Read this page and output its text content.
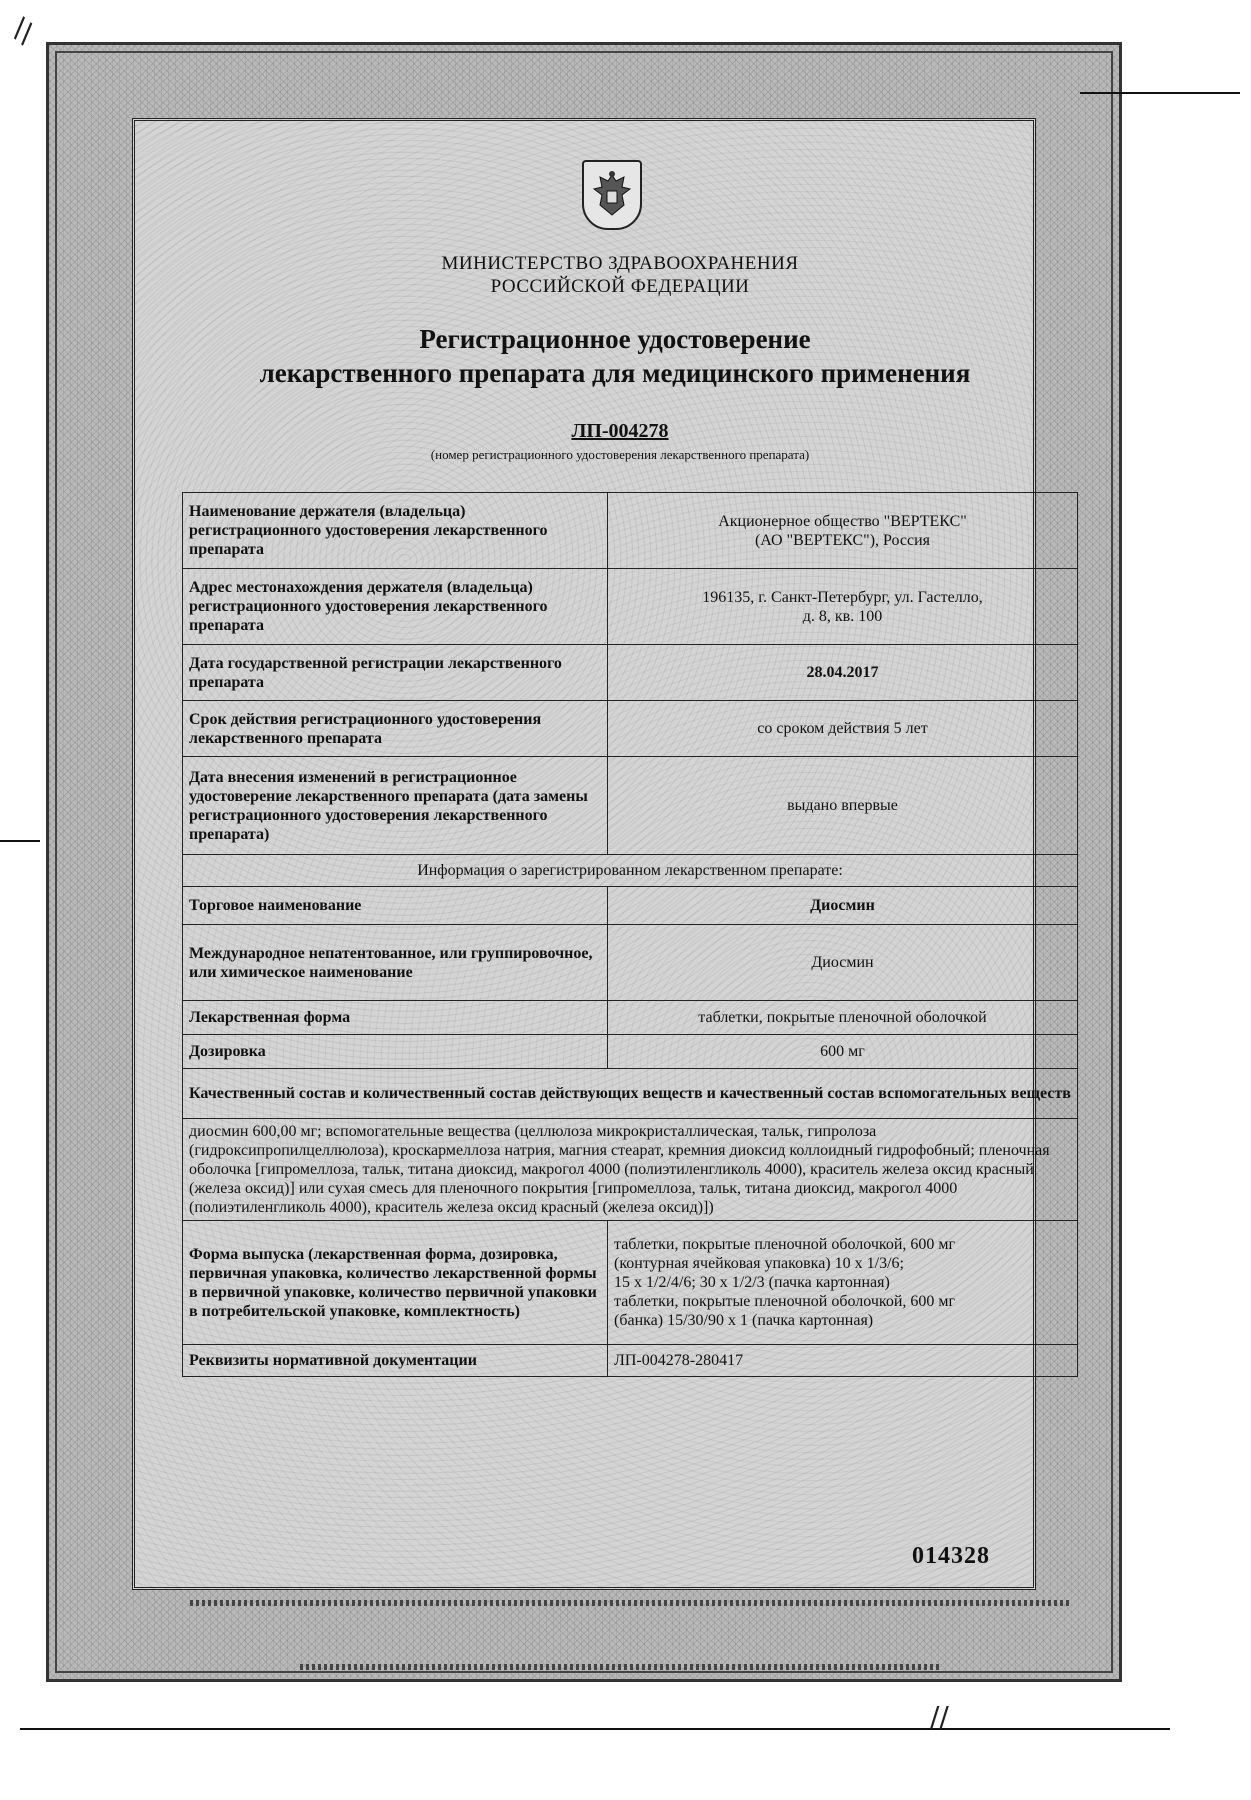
МИНИСТЕРСТВО ЗДРАВООХРАНЕНИЯ
РОССИЙСКОЙ ФЕДЕРАЦИИ
Регистрационное удостоверение
лекарственного препарата для медицинского применения
ЛП-004278
(номер регистрационного удостоверения лекарственного препарата)
Наименование держателя (владельца) регистрационного удостоверения лекарственного препарата	Акционерное общество "ВЕРТЕКС"
(АО "ВЕРТЕКС"), Россия

Адрес местонахождения держателя (владельца) регистрационного удостоверения лекарственного препарата	196135, г. Санкт-Петербург, ул. Гастелло,
д. 8, кв. 100

Дата государственной регистрации лекарственного препарата	28.04.2017
Срок действия регистрационного удостоверения лекарственного препарата	со сроком действия 5 лет
Дата внесения изменений в регистрационное удостоверение лекарственного препарата (дата замены регистрационного удостоверения лекарственного препарата)	выдано впервые
Информация о зарегистрированном лекарственном препарате:	
Торговое наименование	Диосмин
Международное непатентованное, или группировочное, или химическое наименование	Диосмин
Лекарственная форма	таблетки, покрытые пленочной оболочкой
Дозировка	600 мг
Качественный состав и количественный состав действующих веществ и качественный состав вспомогательных веществ	
диосмин 600,00 мг; вспомогательные вещества (целлюлоза микрокристаллическая, тальк, гипролоза (гидроксипропилцеллюлоза), кроскармеллоза натрия, магния стеарат, кремния диоксид коллоидный гидрофобный; пленочная оболочка [гипромеллоза, тальк, титана диоксид, макрогол 4000 (полиэтиленгликоль 4000), краситель железа оксид красный (железа оксид)] или сухая смесь для пленочного покрытия [гипромеллоза, тальк, титана диоксид, макрогол 4000 (полиэтиленгликоль 4000), краситель железа оксид красный (железа оксид)])	
Форма выпуска (лекарственная форма, дозировка, первичная упаковка, количество лекарственной формы в первичной упаковке, количество первичной упаковки в потребительской упаковке, комплектность)	таблетки, покрытые пленочной оболочкой, 600 мг
(контурная ячейковая упаковка) 10 х 1/3/6;
15 х 1/2/4/6; 30 х 1/2/3 (пачка картонная)
таблетки, покрытые пленочной оболочкой, 600 мг
(банка) 15/30/90 х 1 (пачка картонная)

Реквизиты нормативной документации	ЛП-004278-280417
014328
\\
//
